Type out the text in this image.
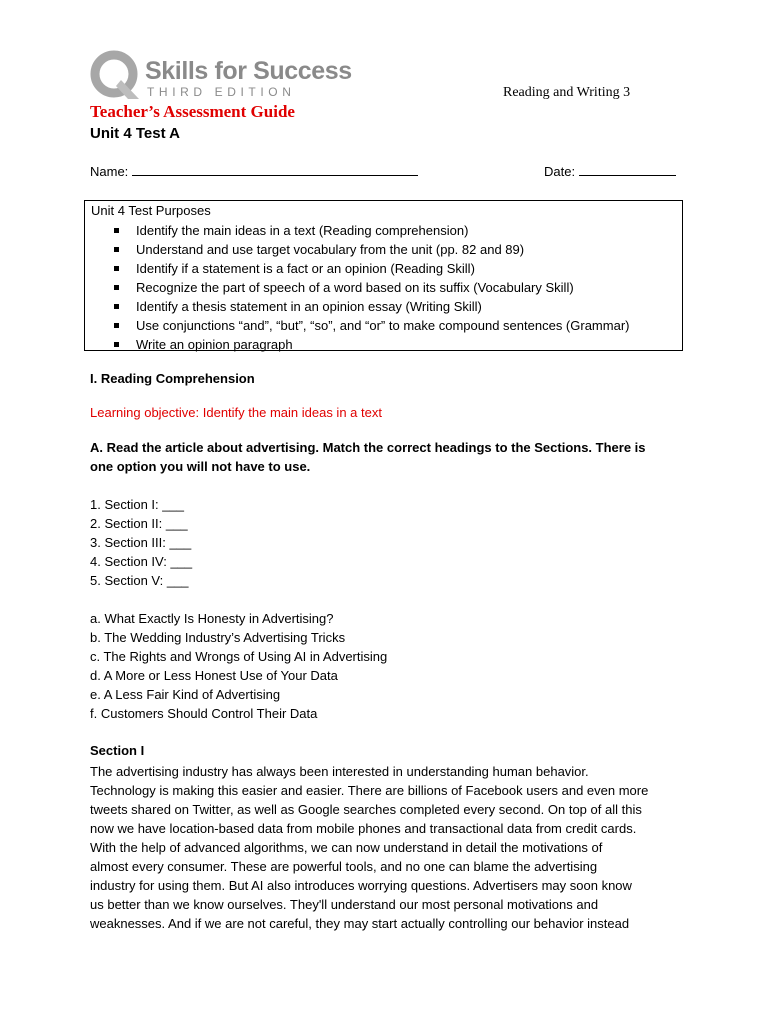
Skills for Success
THIRD EDITION	Reading and Writing 3
Teacher’s Assessment Guide
Unit 4 Test A
Name:	Date:
Unit 4 Test Purposes
Identify the main ideas in a text (Reading comprehension)
Understand and use target vocabulary from the unit (pp. 82 and 89)
Identify if a statement is a fact or an opinion (Reading Skill)
Recognize the part of speech of a word based on its suffix (Vocabulary Skill)
Identify a thesis statement in an opinion essay (Writing Skill)
Use conjunctions “and”, “but”, “so”, and “or” to make compound sentences (Grammar)
Write an opinion paragraph
I. Reading Comprehension
Learning objective: Identify the main ideas in a text
A. Read the article about advertising. Match the correct headings to the Sections. There is
one option you will not have to use.
1. Section I: ___
2. Section II: ___
3. Section III: ___
4. Section IV: ___
5. Section V: ___
a. What Exactly Is Honesty in Advertising?
b. The Wedding Industry’s Advertising Tricks
c. The Rights and Wrongs of Using AI in Advertising
d. A More or Less Honest Use of Your Data
e. A Less Fair Kind of Advertising
f. Customers Should Control Their Data
Section I
The advertising industry has always been interested in understanding human behavior.
Technology is making this easier and easier. There are billions of Facebook users and even more
tweets shared on Twitter, as well as Google searches completed every second. On top of all this
now we have location-based data from mobile phones and transactional data from credit cards.
With the help of advanced algorithms, we can now understand in detail the motivations of
almost every consumer. These are powerful tools, and no one can blame the advertising
industry for using them. But AI also introduces worrying questions. Advertisers may soon know
us better than we know ourselves. They'll understand our most personal motivations and
weaknesses. And if we are not careful, they may start actually controlling our behavior instead
